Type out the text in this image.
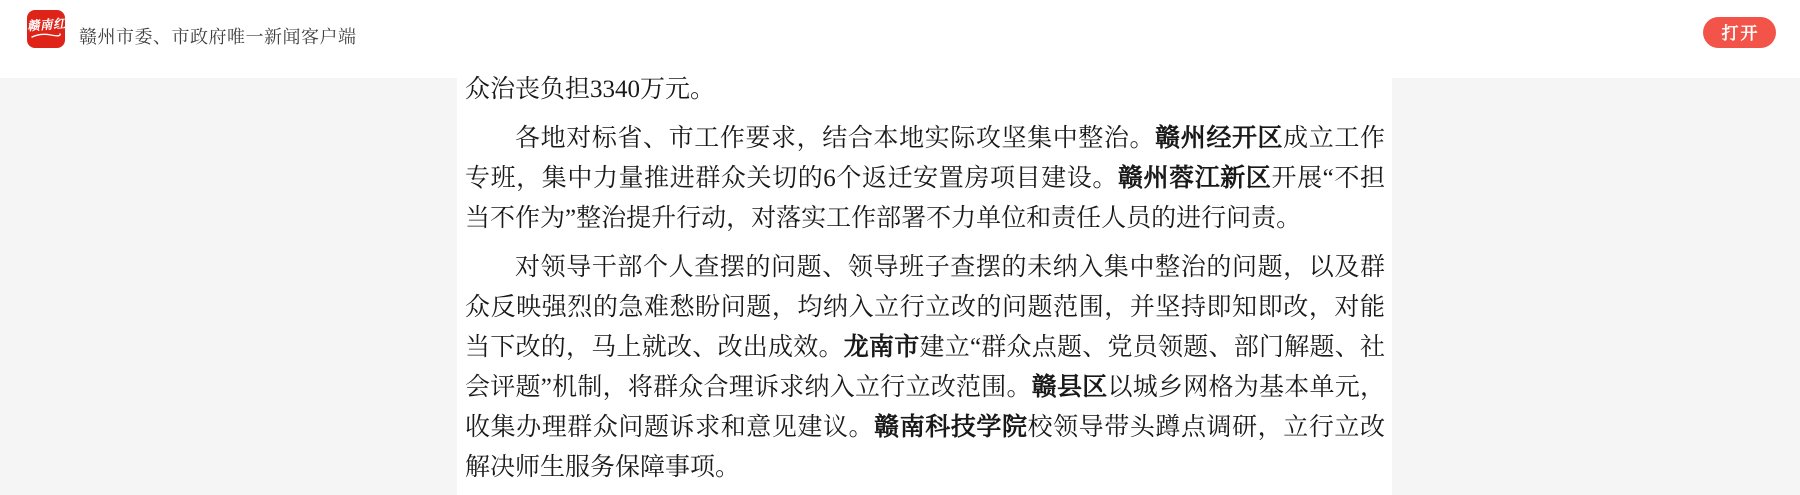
赣南红
赣州市委、市政府唯一新闻客户端	打开

众治丧负担3340万元。

各地对标省、市工作要求，结合本地实际攻坚集中整治。赣州经开区成立工作专班，集中力量推进群众关切的6个返迁安置房项目建设。赣州蓉江新区开展“不担当不作为”整治提升行动，对落实工作部署不力单位和责任人员的进行问责。

对领导干部个人查摆的问题、领导班子查摆的未纳入集中整治的问题，以及群众反映强烈的急难愁盼问题，均纳入立行立改的问题范围，并坚持即知即改，对能当下改的，马上就改、改出成效。龙南市建立“群众点题、党员领题、部门解题、社会评题”机制，将群众合理诉求纳入立行立改范围。赣县区以城乡网格为基本单元，收集办理群众问题诉求和意见建议。赣南科技学院校领导带头蹲点调研，立行立改解决师生服务保障事项。
